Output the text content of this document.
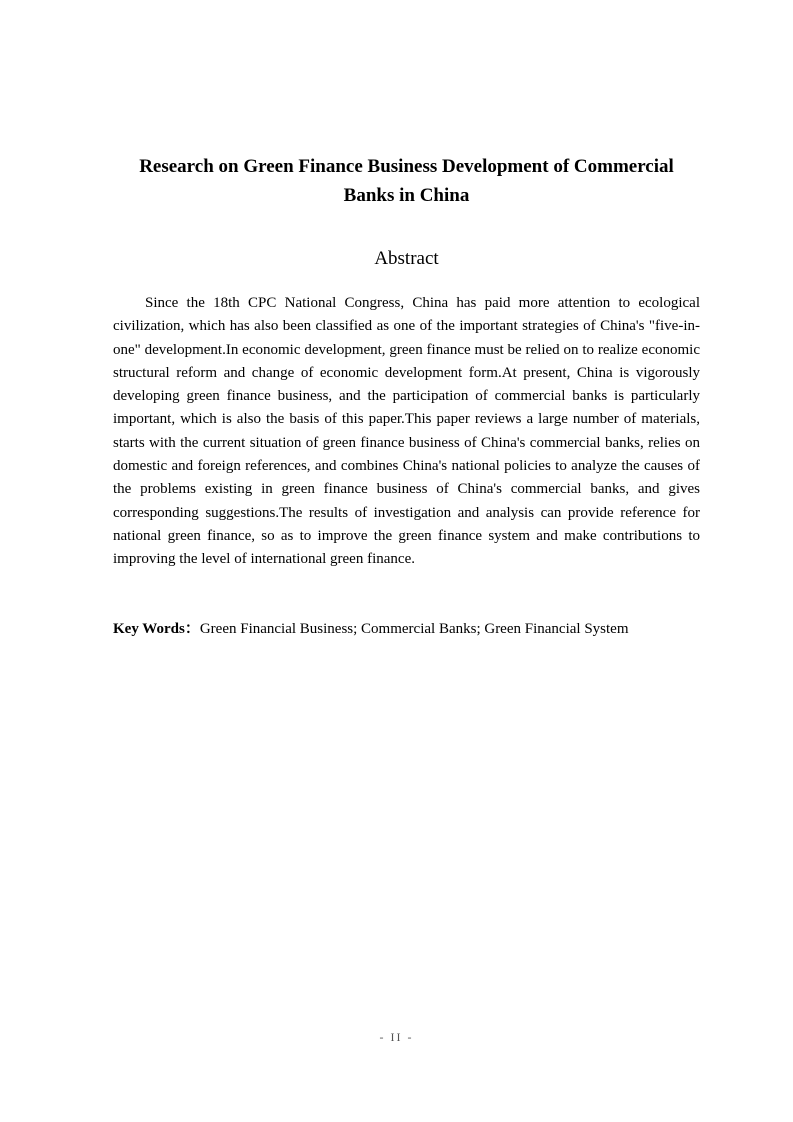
Research on Green Finance Business Development of Commercial
Banks in China
Abstract

Since the 18th CPC National Congress, China has paid more attention to ecological civilization, which has also been classified as one of the important strategies of China's "five-in-one" development.In economic development, green finance must be relied on to realize economic structural reform and change of economic development form.At present, China is vigorously developing green finance business, and the participation of commercial banks is particularly important, which is also the basis of this paper.This paper reviews a large number of materials, starts with the current situation of green finance business of China's commercial banks, relies on domestic and foreign references, and combines China's national policies to analyze the causes of the problems existing in green finance business of China's commercial banks, and gives corresponding suggestions.The results of investigation and analysis can provide reference for national green finance, so as to improve the green finance system and make contributions to improving the level of international green finance.

Key Words：Green Financial Business; Commercial Banks; Green Financial System

- II -
